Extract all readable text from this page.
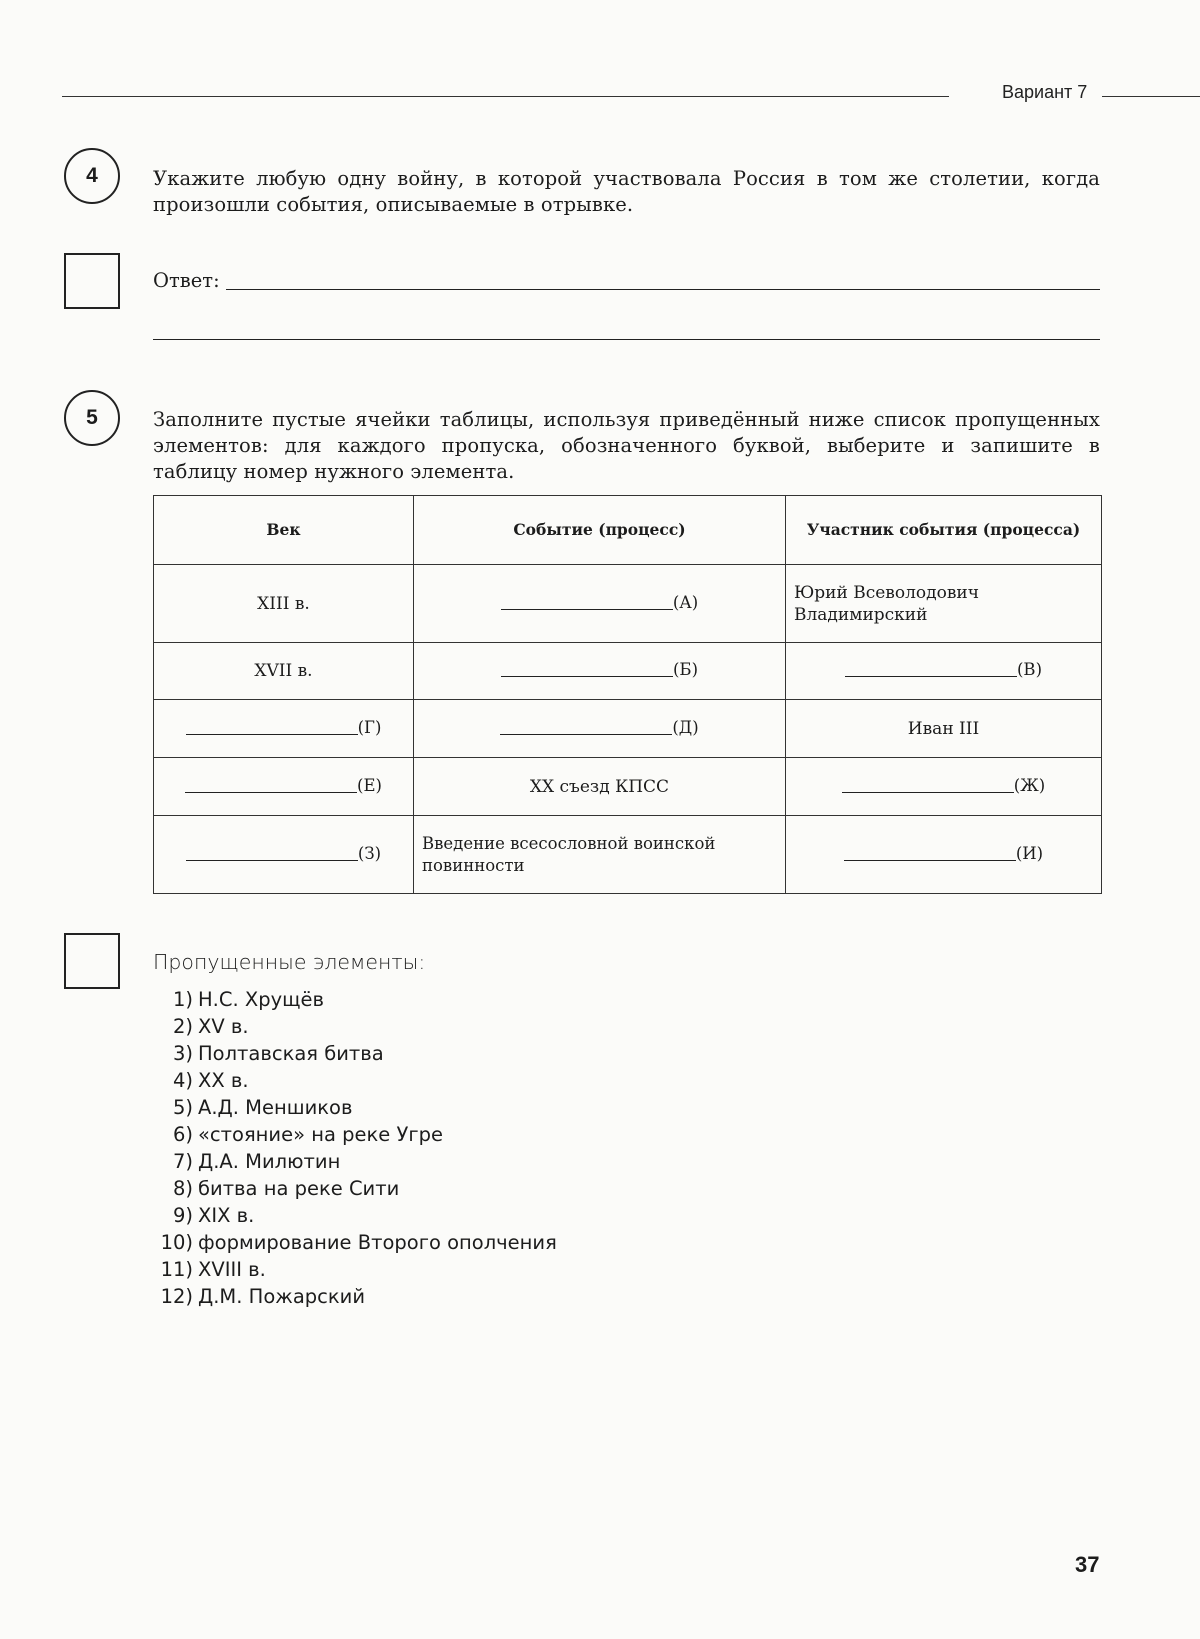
Вариант 7
4	Укажите любую одну войну, в которой участвовала Россия в том же столетии, когда произошли события, описываемые в отрывке.
Ответ:
5	Заполните пустые ячейки таблицы, используя приведённый ниже список пропущенных элементов: для каждого пропуска, обозначенного буквой, выберите и запишите в таблицу номер нужного элемента.
Век	Событие (процесс)	Участник события (процесса)
XIII в.	(А)	Юрий Всеволодович Владимирский
XVII в.	(Б)	(В)

(Г)	(Д)	Иван III

(Е)	XX съезд КПСС	(Ж)

(З)	Введение всесословной воинской повинности	(И)
Пропущенные элементы:
1) Н.С. Хрущёв
2) XV в.
3) Полтавская битва
4) XX в.
5) А.Д. Меншиков
6) «стояние» на реке Угре
7) Д.А. Милютин
8) битва на реке Сити
9) XIX в.
10) формирование Второго ополчения
11) XVIII в.
12) Д.М. Пожарский
37
